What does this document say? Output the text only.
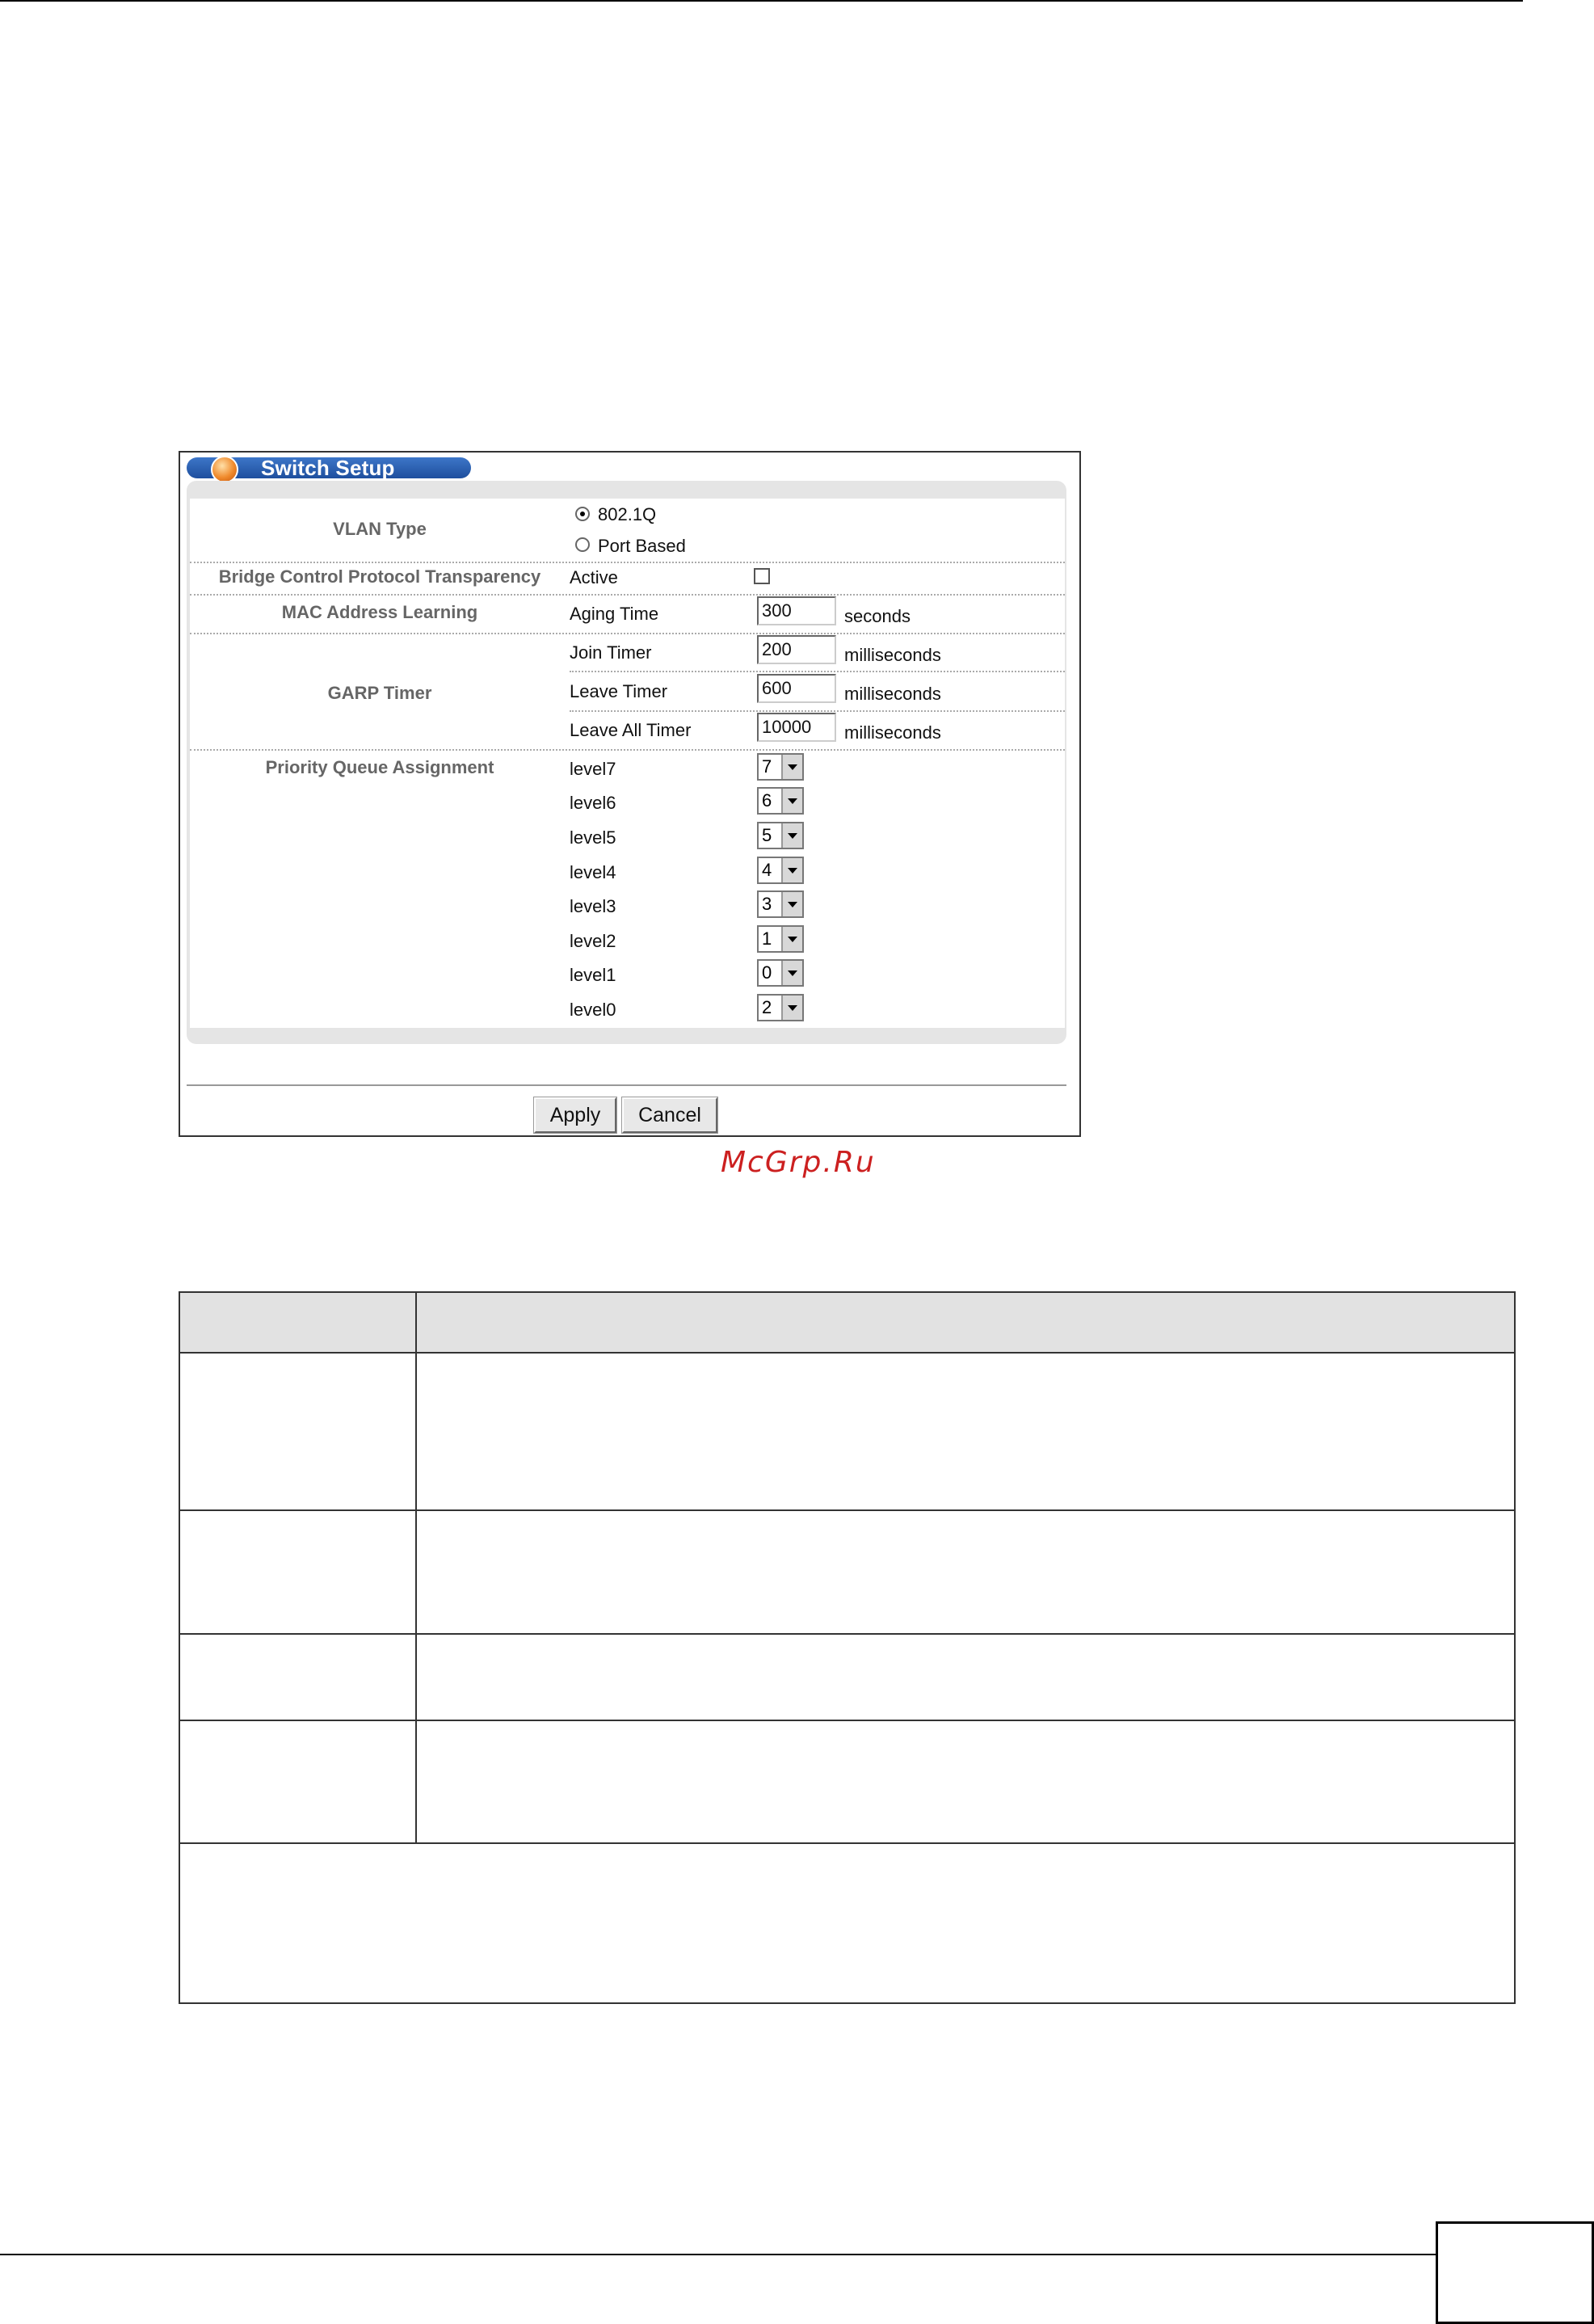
Switch Setup
VLAN Type
802.1Q
Port Based
Bridge Control Protocol Transparency	Active
MAC Address Learning	Aging Time	300	seconds
GARP Timer
Join Timer	200	milliseconds
Leave Timer	600	milliseconds
Leave All Timer	10000	milliseconds
Priority Queue Assignment	level7	7
level6	6
level5	5
level4	4
level3	3
level2	1
level1	0
level0	2
Apply	Cancel
McGrp.Ru
